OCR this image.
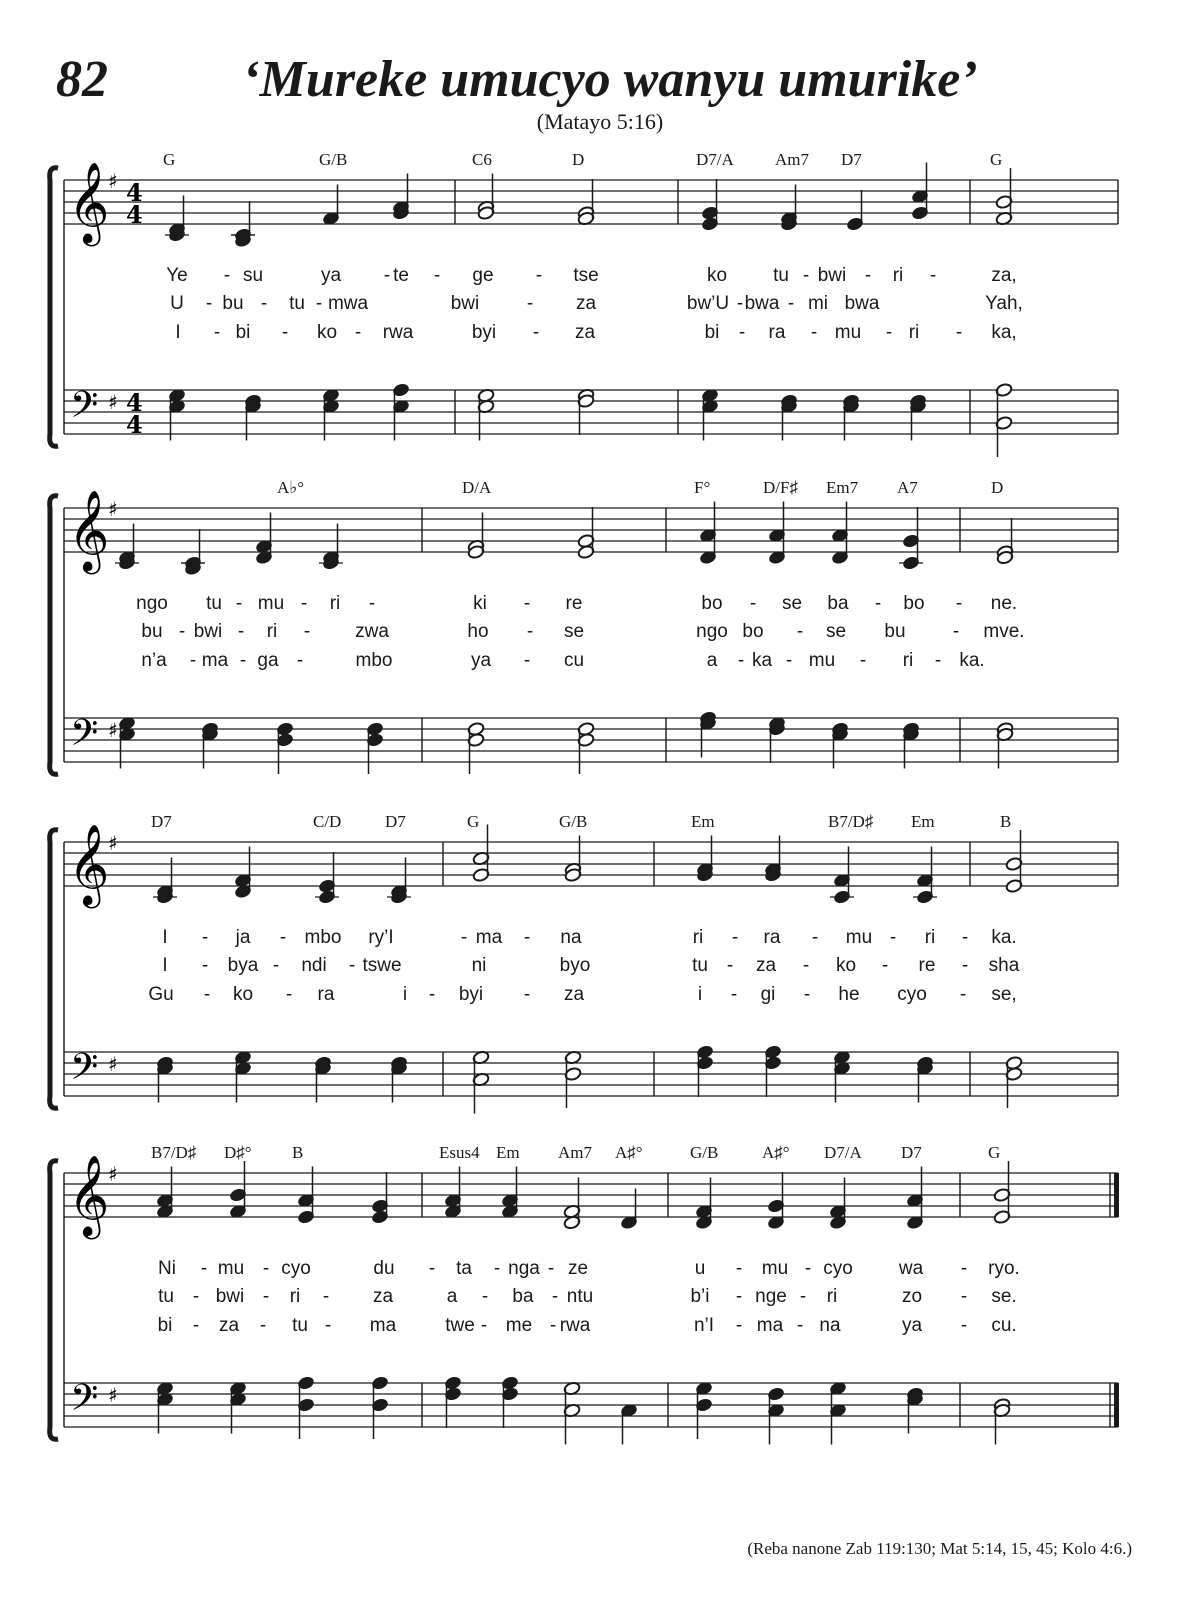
82	‘Mureke umucyo wanyu umurike’
(Matayo 5:16)
𝄞
𝄢
♯
♯
4
4
4
4
G	G/B	C6	D	D7/A Am7 D7	G
Ye - su	ya - te - ge - tse	ko tu - bwi - ri -	za,
U - bu - tu - mwa	bwi	- za	bw’U - bwa - mi bwa	Yah,
I - bi - ko - rwa	byi - za	bi - ra - mu - ri - ka,
𝄞
𝄢
♯
♯
A♭°	D/A	F°	D/F♯ Em7 A7	D
ngo tu - mu - ri -	ki - re	bo - se ba - bo - ne.
bu - bwi - ri - zwa	ho - se	ngo bo - se bu - mve.
n’a - ma - ga -	mbo	ya - cu	a - ka - mu - ri - ka.
𝄞
𝄢
♯
♯
D7	C/D	D7	G	G/B	Em	B7/D♯ Em	B
I - ja - mbo ry’I	- ma - na	ri - ra - mu - ri - ka.
I - bya - ndi - tswe	ni	byo	tu - za - ko - re - sha
Gu - ko - ra	i - byi - za	i - gi - he cyo - se,
𝄞
𝄢
♯
♯
B7/D♯ D♯° B	Esus4 Em Am7 A♯°	G/B	A♯° D7/A D7	G
Ni - mu - cyo	du - ta - nga - ze	u - mu - cyo wa - ryo.
tu - bwi - ri - za	a - ba - ntu	b’i - nge - ri	zo - se.
bi - za - tu - ma	twe - me - rwa	n’I - ma - na	ya - cu.
(Reba nanone Zab 119:130; Mat 5:14, 15, 45; Kolo 4:6.)
